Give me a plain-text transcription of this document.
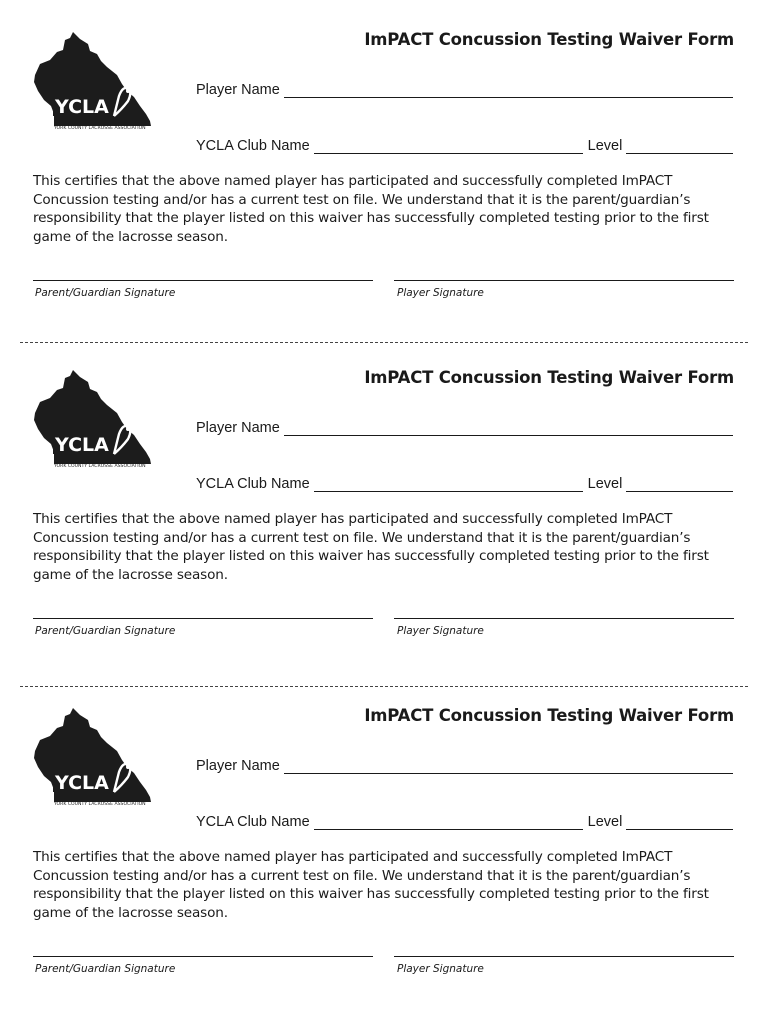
YCLA
YORK COUNTY LACROSSE ASSOCIATION
ImPACT Concussion Testing Waiver Form
Player Name
YCLA Club Name	Level
This certifies that the above named player has participated and successfully completed ImPACT Concussion testing and/or has a current test on file. We understand that it is the parent/guardian’s responsibility that the player listed on this waiver has successfully completed testing prior to the first game of the lacrosse season.
Parent/Guardian Signature	Player Signature
YCLA
YORK COUNTY LACROSSE ASSOCIATION
ImPACT Concussion Testing Waiver Form
Player Name
YCLA Club Name	Level
This certifies that the above named player has participated and successfully completed ImPACT Concussion testing and/or has a current test on file. We understand that it is the parent/guardian’s responsibility that the player listed on this waiver has successfully completed testing prior to the first game of the lacrosse season.
Parent/Guardian Signature	Player Signature
YCLA
YORK COUNTY LACROSSE ASSOCIATION
ImPACT Concussion Testing Waiver Form
Player Name
YCLA Club Name	Level
This certifies that the above named player has participated and successfully completed ImPACT Concussion testing and/or has a current test on file. We understand that it is the parent/guardian’s responsibility that the player listed on this waiver has successfully completed testing prior to the first game of the lacrosse season.
Parent/Guardian Signature	Player Signature
